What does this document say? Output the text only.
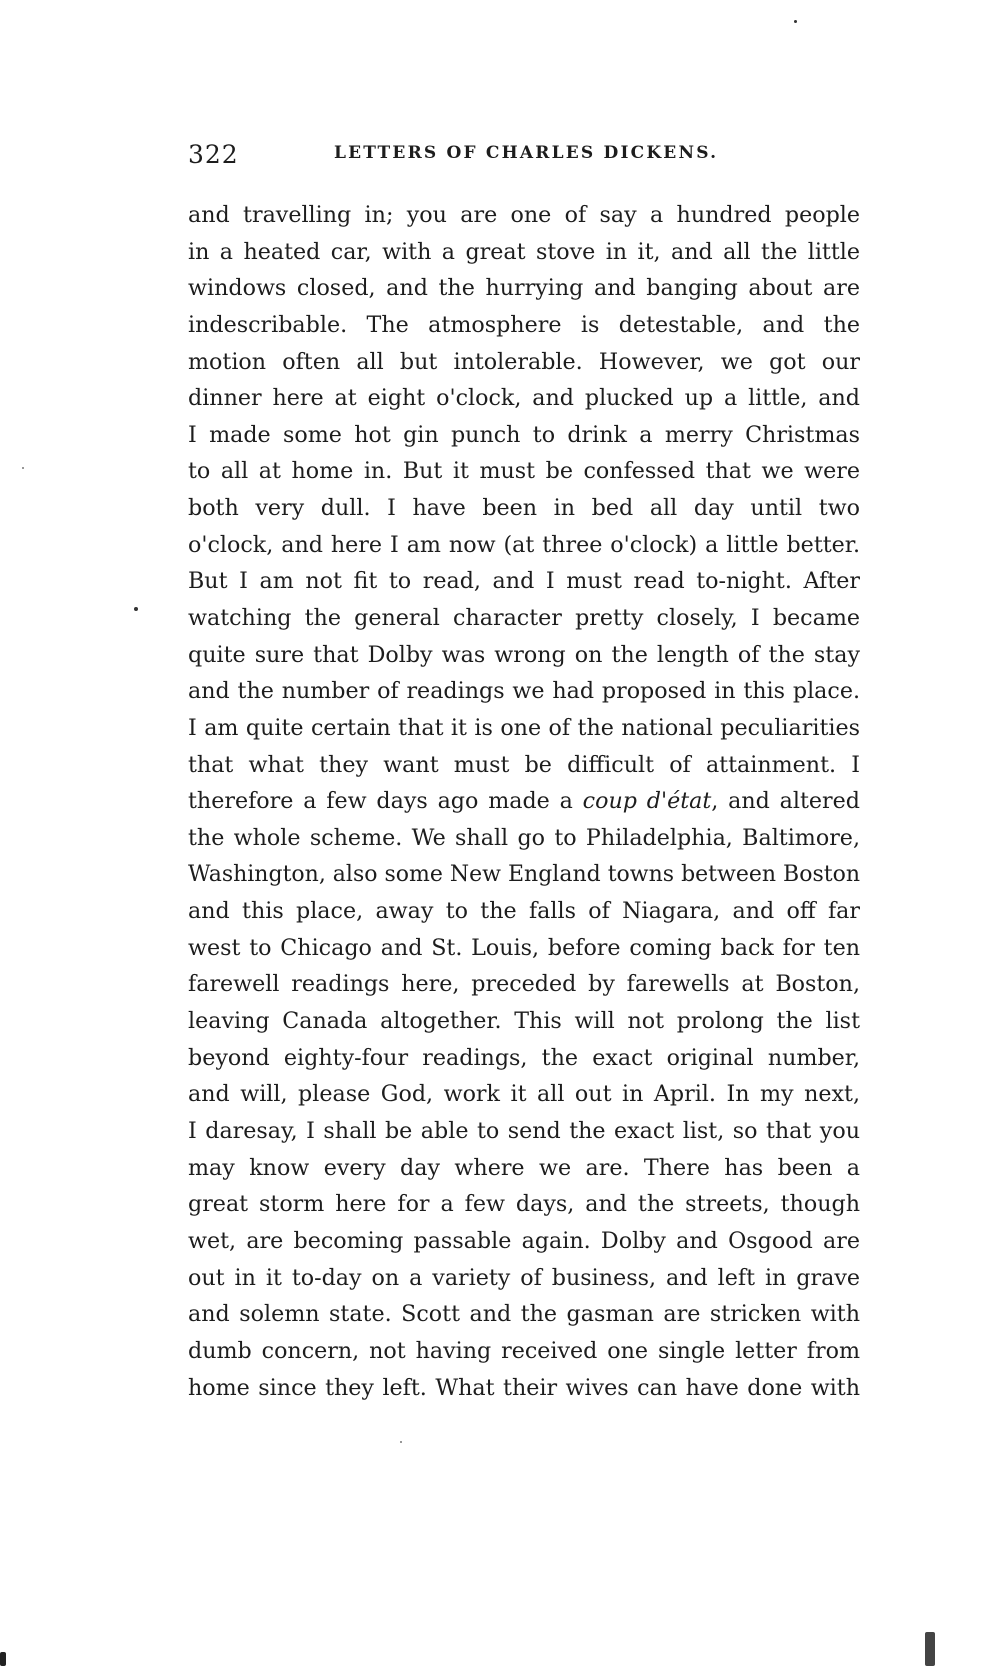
322	LETTERS OF CHARLES DICKENS.
and travelling in; you are one of say a hundred people
in a heated car, with a great stove in it, and all the little
windows closed, and the hurrying and banging about are
indescribable. The atmosphere is detestable, and the
motion often all but intolerable. However, we got our
dinner here at eight o'clock, and plucked up a little, and
I made some hot gin punch to drink a merry Christmas
to all at home in. But it must be confessed that we were
both very dull. I have been in bed all day until two
o'clock, and here I am now (at three o'clock) a little better.
But I am not fit to read, and I must read to-night. After
watching the general character pretty closely, I became
quite sure that Dolby was wrong on the length of the stay
and the number of readings we had proposed in this place.
I am quite certain that it is one of the national peculiarities
that what they want must be difficult of attainment. I
therefore a few days ago made a coup d'état, and altered
the whole scheme. We shall go to Philadelphia, Baltimore,
Washington, also some New England towns between Boston
and this place, away to the falls of Niagara, and off far
west to Chicago and St. Louis, before coming back for ten
farewell readings here, preceded by farewells at Boston,
leaving Canada altogether. This will not prolong the list
beyond eighty-four readings, the exact original number,
and will, please God, work it all out in April. In my next,
I daresay, I shall be able to send the exact list, so that you
may know every day where we are. There has been a
great storm here for a few days, and the streets, though
wet, are becoming passable again. Dolby and Osgood are
out in it to-day on a variety of business, and left in grave
and solemn state. Scott and the gasman are stricken with
dumb concern, not having received one single letter from
home since they left. What their wives can have done with
